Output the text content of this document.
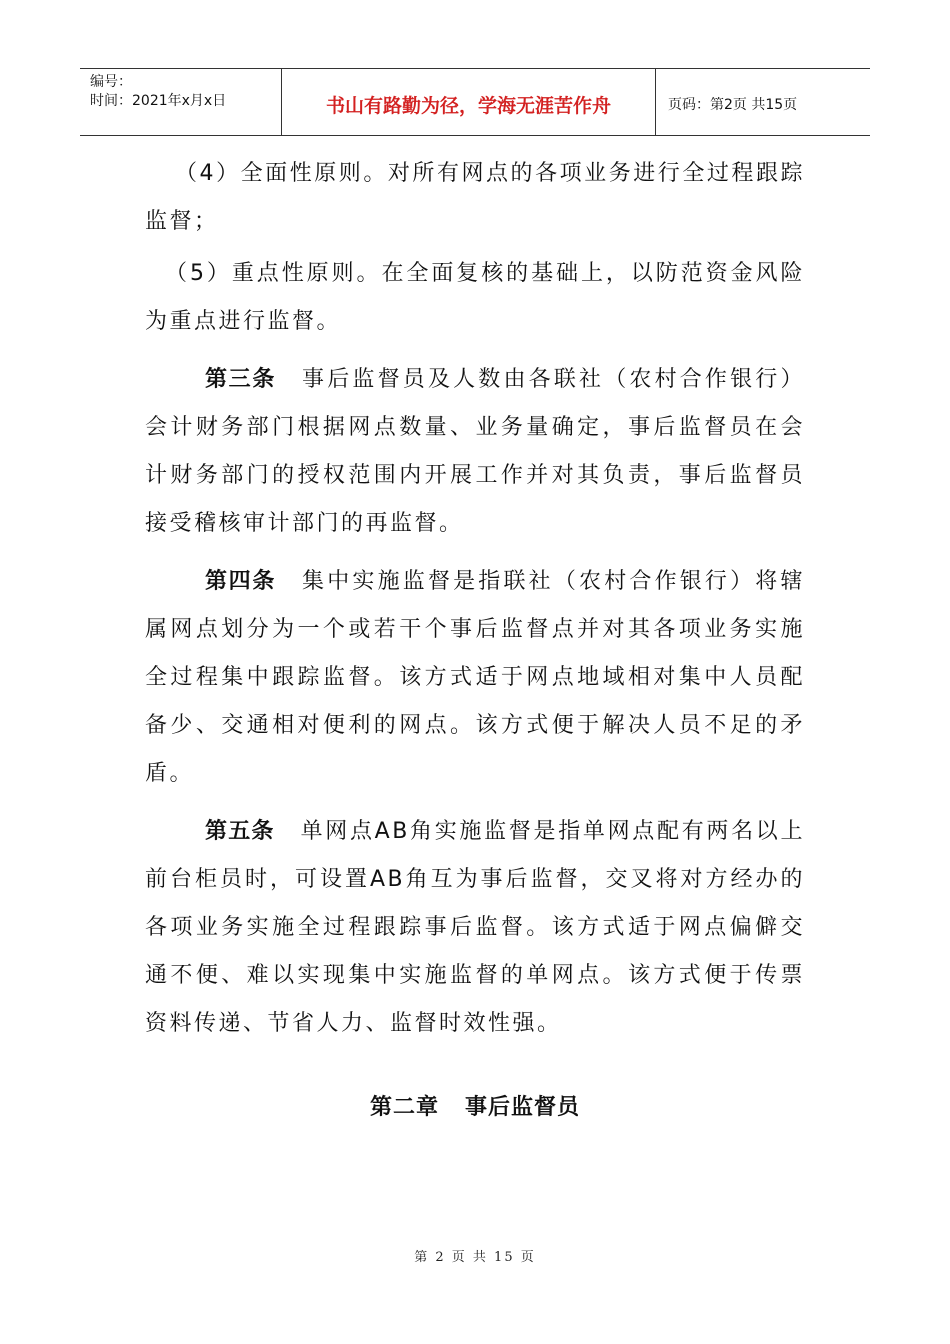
编号：
时间：2021年x月x日	书山有路勤为径，学海无涯苦作舟	页码：第2页 共15页

（4）全面性原则。对所有网点的各项业务进行全过程跟踪监督；

（5）重点性原则。在全面复核的基础上，以防范资金风险为重点进行监督。

第三条 事后监督员及人数由各联社（农村合作银行）会计财务部门根据网点数量、业务量确定，事后监督员在会计财务部门的授权范围内开展工作并对其负责，事后监督员接受稽核审计部门的再监督。

第四条 集中实施监督是指联社（农村合作银行）将辖属网点划分为一个或若干个事后监督点并对其各项业务实施全过程集中跟踪监督。该方式适于网点地域相对集中人员配备少、交通相对便利的网点。该方式便于解决人员不足的矛盾。

第五条 单网点AB角实施监督是指单网点配有两名以上前台柜员时，可设置AB角互为事后监督，交叉将对方经办的各项业务实施全过程跟踪事后监督。该方式适于网点偏僻交通不便、难以实现集中实施监督的单网点。该方式便于传票资料传递、节省人力、监督时效性强。

第二章 事后监督员
第 2 页 共 15 页
